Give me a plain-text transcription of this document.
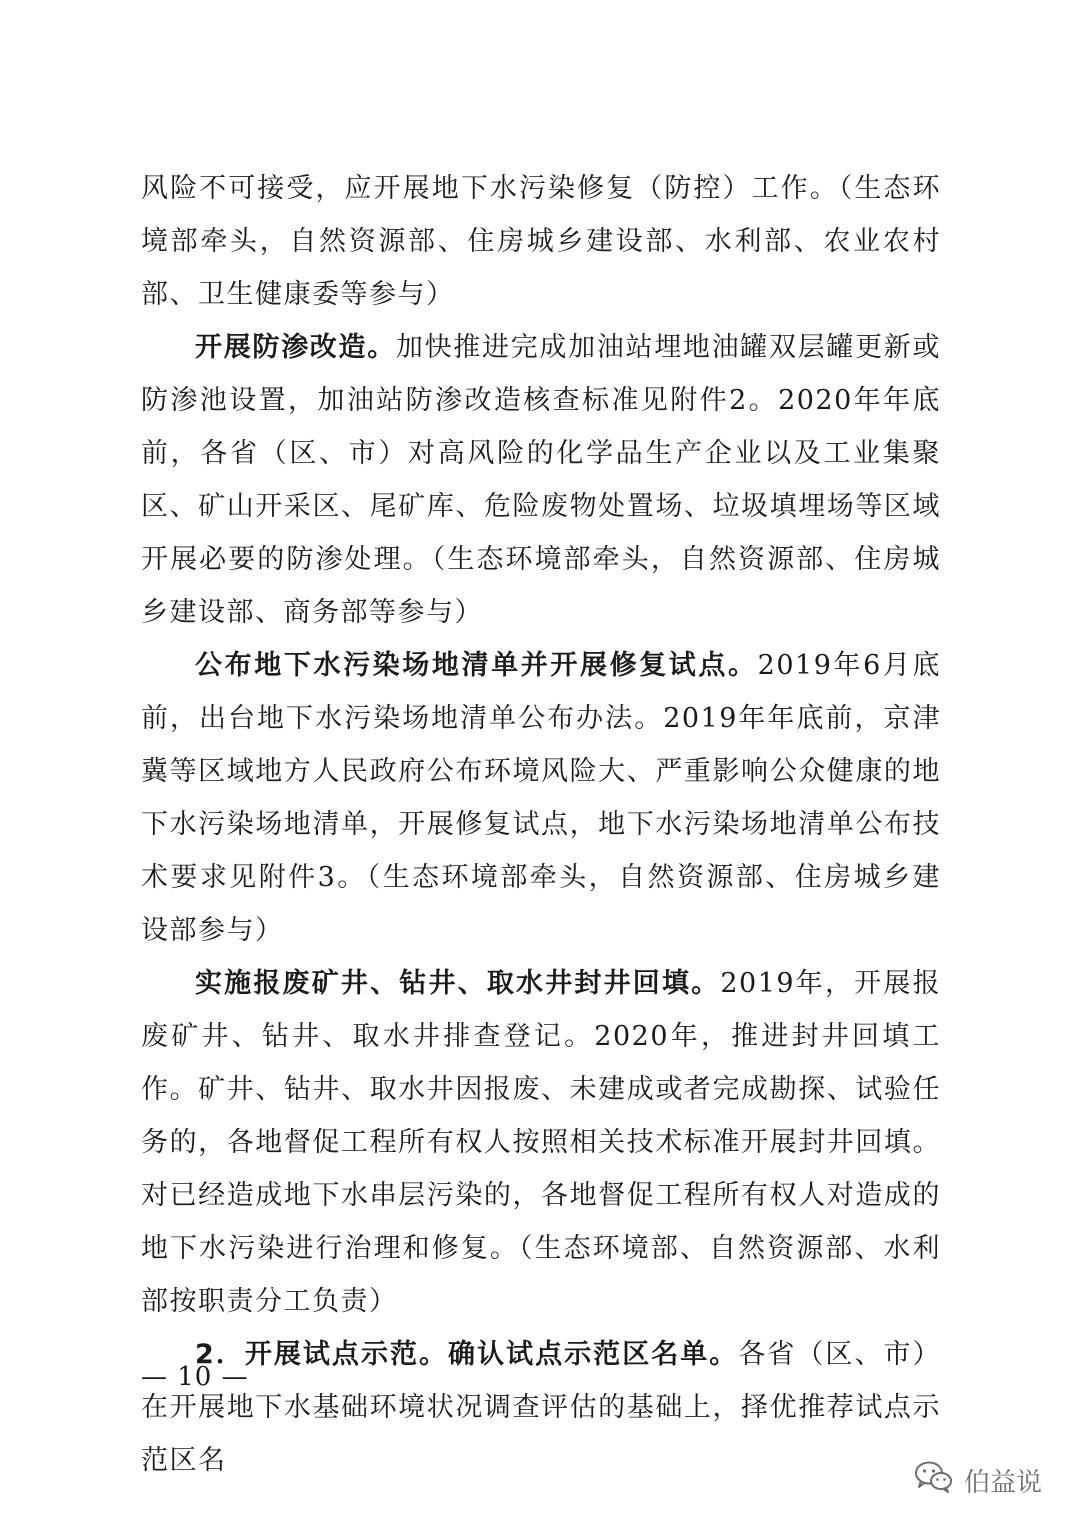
风险不可接受，应开展地下水污染修复（防控）工作。（生态环境部牵头，自然资源部、住房城乡建设部、水利部、农业农村部、卫生健康委等参与）

开展防渗改造。加快推进完成加油站埋地油罐双层罐更新或防渗池设置，加油站防渗改造核查标准见附件2。2020年年底前，各省（区、市）对高风险的化学品生产企业以及工业集聚区、矿山开采区、尾矿库、危险废物处置场、垃圾填埋场等区域开展必要的防渗处理。（生态环境部牵头，自然资源部、住房城乡建设部、商务部等参与）

公布地下水污染场地清单并开展修复试点。2019年6月底前，出台地下水污染场地清单公布办法。2019年年底前，京津冀等区域地方人民政府公布环境风险大、严重影响公众健康的地下水污染场地清单，开展修复试点，地下水污染场地清单公布技术要求见附件3。（生态环境部牵头，自然资源部、住房城乡建设部参与）

实施报废矿井、钻井、取水井封井回填。2019年，开展报废矿井、钻井、取水井排查登记。2020年，推进封井回填工作。矿井、钻井、取水井因报废、未建成或者完成勘探、试验任务的，各地督促工程所有权人按照相关技术标准开展封井回填。对已经造成地下水串层污染的，各地督促工程所有权人对造成的地下水污染进行治理和修复。（生态环境部、自然资源部、水利部按职责分工负责）

2．开展试点示范。确认试点示范区名单。各省（区、市）在开展地下水基础环境状况调查评估的基础上，择优推荐试点示范区名

— 10 —
伯益说
